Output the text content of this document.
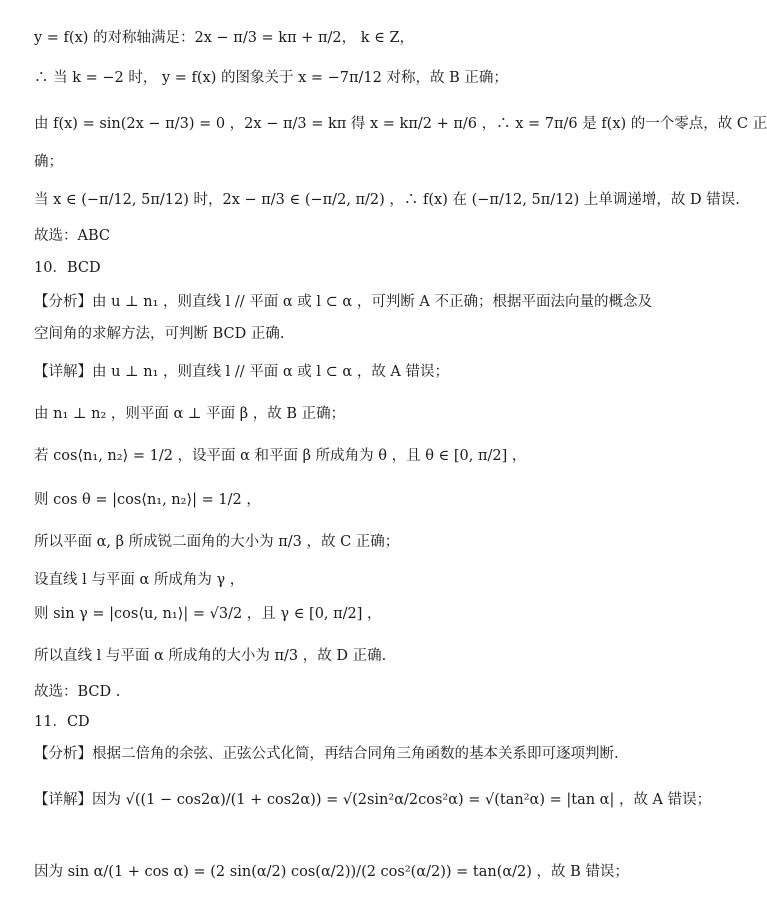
y = f(x) 的对称轴满足：2x − π/3 = kπ + π/2， k ∈ Z，
∴ 当 k = −2 时， y = f(x) 的图象关于 x = −7π/12 对称，故 B 正确；
由 f(x) = sin(2x − π/3) = 0 ，2x − π/3 = kπ 得 x = kπ/2 + π/6 ，∴ x = 7π/6 是 f(x) 的一个零点，故 C 正
确；
当 x ∈ (−π/12, 5π/12) 时，2x − π/3 ∈ (−π/2, π/2) ，∴ f(x) 在 (−π/12, 5π/12) 上单调递增，故 D 错误.
故选：ABC
10．BCD
【分析】由 u ⊥ n₁ ，则直线 l // 平面 α 或 l ⊂ α ，可判断 A 不正确；根据平面法向量的概念及
空间角的求解方法，可判断 BCD 正确.
【详解】由 u ⊥ n₁ ，则直线 l // 平面 α 或 l ⊂ α ，故 A 错误；
由 n₁ ⊥ n₂ ，则平面 α ⊥ 平面 β ，故 B 正确；
若 cos⟨n₁, n₂⟩ = 1/2 ，设平面 α 和平面 β 所成角为 θ ，且 θ ∈ [0, π/2] ，
则 cos θ = |cos⟨n₁, n₂⟩| = 1/2 ，
所以平面 α, β 所成锐二面角的大小为 π/3 ，故 C 正确；
设直线 l 与平面 α 所成角为 γ ，
则 sin γ = |cos⟨u, n₁⟩| = √3/2 ，且 γ ∈ [0, π/2] ，
所以直线 l 与平面 α 所成角的大小为 π/3 ，故 D 正确.
故选：BCD .
11．CD
【分析】根据二倍角的余弦、正弦公式化简，再结合同角三角函数的基本关系即可逐项判断.
【详解】因为 √((1 − cos2α)/(1 + cos2α)) = √(2sin²α/2cos²α) = √(tan²α) = |tan α| ，故 A 错误；
因为 sin α/(1 + cos α) = (2 sin(α/2) cos(α/2))/(2 cos²(α/2)) = tan(α/2) ，故 B 错误；
